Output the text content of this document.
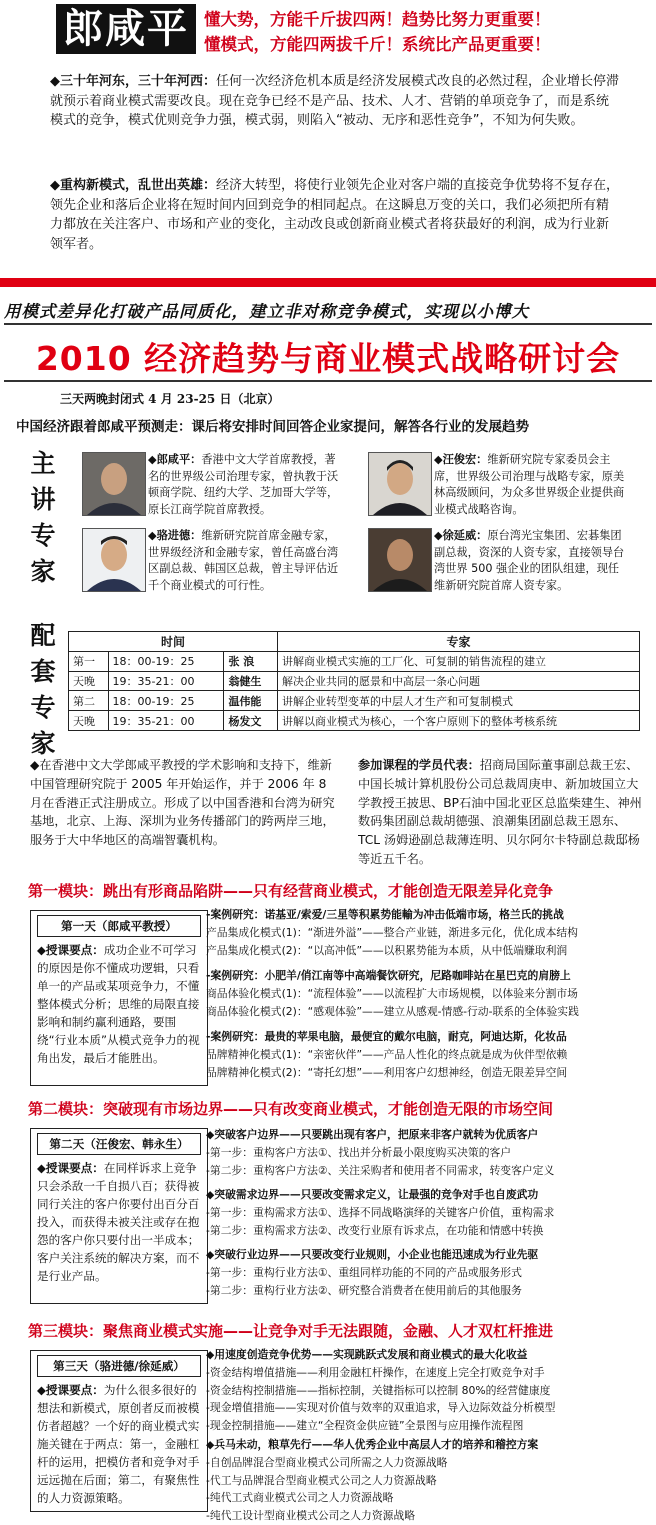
郎咸平 懂大势，方能千斤拔四两！趋势比努力更重要！
懂模式，方能四两拔千斤！系统比产品更重要！
◆三十年河东，三十年河西：任何一次经济危机本质是经济发展模式改良的必然过程，企业增长停滞就预示着商业模式需要改良。现在竞争已经不是产品、技术、人才、营销的单项竞争了，而是系统模式的竞争，模式优则竞争力强，模式弱，则陷入“被动、无序和恶性竞争”，不知为何失败。
◆重构新模式，乱世出英雄：经济大转型，将使行业领先企业对客户端的直接竞争优势将不复存在，领先企业和落后企业将在短时间内回到竞争的相同起点。在这瞬息万变的关口，我们必须把所有精力都放在关注客户、市场和产业的变化，主动改良或创新商业模式者将获最好的利润，成为行业新领军者。
用模式差异化打破产品同质化，建立非对称竞争模式，实现以小博大
2010 经济趋势与商业模式战略研讨会
三天两晚封闭式 4 月 23-25 日（北京）
中国经济跟着郎咸平预测走：课后将安排时间回答企业家提问，解答各行业的发展趋势
主
讲
专
家
◆郎咸平：香港中文大学首席教授，著名的世界级公司治理专家，曾执教于沃顿商学院、纽约大学、芝加哥大学等，原长江商学院首席教授。
◆汪俊宏：维新研究院专家委员会主席，世界级公司治理与战略专家，原美林高级顾问，为众多世界级企业提供商业模式战略咨询。
◆骆进德：维新研究院首席金融专家，世界级经济和金融专家，曾任高盛台湾区副总裁、韩国区总裁，曾主导评估近千个商业模式的可行性。
◆徐延威：原台湾光宝集团、宏碁集团副总裁，资深的人资专家，直接领导台湾世界 500 强企业的团队组建，现任维新研究院首席人资专家。
配
套
专
家
时间			专家
第一	18：00-19：25	张 浪	讲解商业模式实施的工厂化、可复制的销售流程的建立
天晚	19：35-21：00	翁健生	解决企业共同的愿景和中高层一条心问题
第二	18：00-19：25	温伟能	讲解企业转型变革的中层人才生产和可复制模式
天晚	19：35-21：00	杨发文	讲解以商业模式为核心，一个客户原则下的整体考核系统
◆在香港中文大学郎咸平教授的学术影响和支持下，维新中国管理研究院于 2005 年开始运作，并于 2006 年 8 月在香港正式注册成立。形成了以中国香港和台湾为研究基地，北京、上海、深圳为业务传播部门的跨两岸三地，服务于大中华地区的高端智囊机构。
参加课程的学员代表：招商局国际董事副总裁王宏、中国长城计算机股份公司总裁周庚申、新加坡国立大学教授王披思、BP石油中国北亚区总监柴建生、神州数码集团副总裁胡德强、浪潮集团副总裁王恩东、TCL 汤姆逊副总裁薄连明、贝尔阿尔卡特副总裁邸杨等近五千名。
第一模块：跳出有形商品陷阱——只有经营商业模式，才能创造无限差异化竞争
第一天（郎咸平教授）
◆授课要点：成功企业不可学习的原因是你不懂成功逻辑，只看单一的产品或某项竞争力，不懂整体模式分析；思维的局限直接影响和制约赢利通路，要围绕“行业本质”从模式竞争力的视角出发，最后才能胜出。
-案例研究：诺基亚/索爱/三星等积累势能輸为冲击低端市场，格兰氏的挑战
产品集成化模式(1)：“渐进外溢”——整合产业链，渐进多元化，优化成本结构
产品集成化模式(2)：“以高冲低”——以积累势能为本质，从中低端赚取利润
-案例研究：小肥羊/俏江南等中高端餐饮研究，尼路咖啡站在星巴克的肩膀上
商品体验化模式(1)：“流程体验”——以流程扩大市场规模，以体验来分割市场
商品体验化模式(2)：“感观体验”——建立从感观-情感-行动-联系的全体验实践
-案例研究：最贵的苹果电脑，最便宜的戴尔电脑，耐克，阿迪达斯，化妆品
品牌精神化模式(1)：“亲密伙伴”——产品人性化的终点就是成为伙伴型依赖
品牌精神化模式(2)：“寄托幻想”——利用客户幻想神经，创造无限差异空间
第二模块：突破现有市场边界——只有改变商业模式，才能创造无限的市场空间
第二天（汪俊宏、韩永生）
◆授课要点：在同样诉求上竞争只会杀敌一千自损八百；获得被同行关注的客户你要付出百分百投入，而获得未被关注或存在抱怨的客户你只要付出一半成本；客户关注系统的解决方案，而不是行业产品。
◆突破客户边界——只要跳出现有客户，把原来非客户就转为优质客户
-第一步：重构客户方法①、找出并分析最小限度购买决策的客户
-第二步：重构客户方法②、关注采购者和使用者不同需求，转变客户定义
◆突破需求边界——只要改变需求定义，让最强的竞争对手也自废武功
-第一步：重构需求方法①、选择不同战略演绎的关键客户价值，重构需求
-第二步：重构需求方法②、改变行业原有诉求点，在功能和情感中转换
◆突破行业边界——只要改变行业规则，小企业也能迅速成为行业先驱
-第一步：重构行业方法①、重组同样功能的不同的产品或服务形式
-第二步：重构行业方法②、研究整合消费者在使用前后的其他服务
第三模块：聚焦商业模式实施——让竞争对手无法跟随，金融、人才双杠杆推进
第三天（骆进德/徐延威）
◆授课要点：为什么很多很好的想法和新模式，原创者反而被模仿者超越？一个好的商业模式实施关键在于两点：第一，金融杠杆的运用，把模仿者和竞争对手远远抛在后面；第二，有聚焦性的人力资源策略。
◆用速度创造竞争优势——实现跳跃式发展和商业模式的最大化收益
-资金结构增值措施——利用金融杠杆操作，在速度上完全打败竞争对手
-资金结构控制措施——指标控制，关键指标可以控制 80%的经营健康度
-现金增值措施——实现对价值与效率的双重追求，导入边际效益分析模型
-现金控制措施——建立“全程资金供应链”全景图与应用操作流程图
◆兵马未动，粮草先行——华人优秀企业中高层人才的培养和稽控方案
-自创品牌混合型商业模式公司所需之人力资源战略
-代工与品牌混合型商业模式公司之人力资源战略
-纯代工式商业模式公司之人力资源战略
-纯代工设计型商业模式公司之人力资源战略
